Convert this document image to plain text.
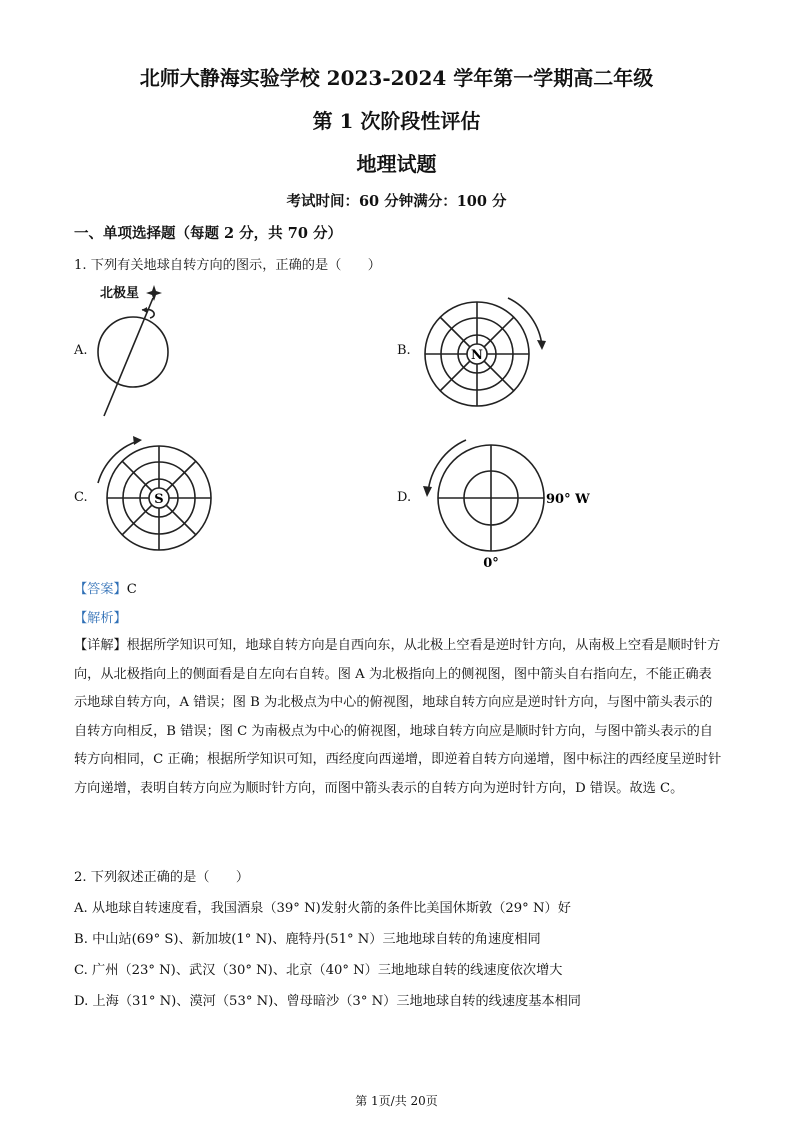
北师大静海实验学校 2023-2024 学年第一学期高二年级
第 1 次阶段性评估
地理试题
考试时间：60 分钟满分：100 分
一、单项选择题（每题 2 分，共 70 分）
1. 下列有关地球自转方向的图示，正确的是（　　）
A.
北极星
B.	N
C.	S	D.	90° W
0°
【答案】C
【解析】
【详解】根据所学知识可知，地球自转方向是自西向东，从北极上空看是逆时针方向，从南极上空看是顺时针方向，从北极指向上的侧面看是自左向右自转。图 A 为北极指向上的侧视图，图中箭头自右指向左，不能正确表示地球自转方向，A 错误；图 B 为北极点为中心的俯视图，地球自转方向应是逆时针方向，与图中箭头表示的自转方向相反，B 错误；图 C 为南极点为中心的俯视图，地球自转方向应是顺时针方向，与图中箭头表示的自转方向相同，C 正确；根据所学知识可知，西经度向西递增，即逆着自转方向递增，图中标注的西经度呈逆时针方向递增，表明自转方向应为顺时针方向，而图中箭头表示的自转方向为逆时针方向，D 错误。故选 C。
2. 下列叙述正确的是（　　）
A. 从地球自转速度看，我国酒泉（39° N)发射火箭的条件比美国休斯敦（29° N）好
B. 中山站(69° S)、新加坡(1° N)、鹿特丹(51° N）三地地球自转的角速度相同
C. 广州（23° N)、武汉（30° N)、北京（40° N）三地地球自转的线速度依次增大
D. 上海（31° N)、漠河（53° N)、曾母暗沙（3° N）三地地球自转的线速度基本相同
第 1页/共 20页
